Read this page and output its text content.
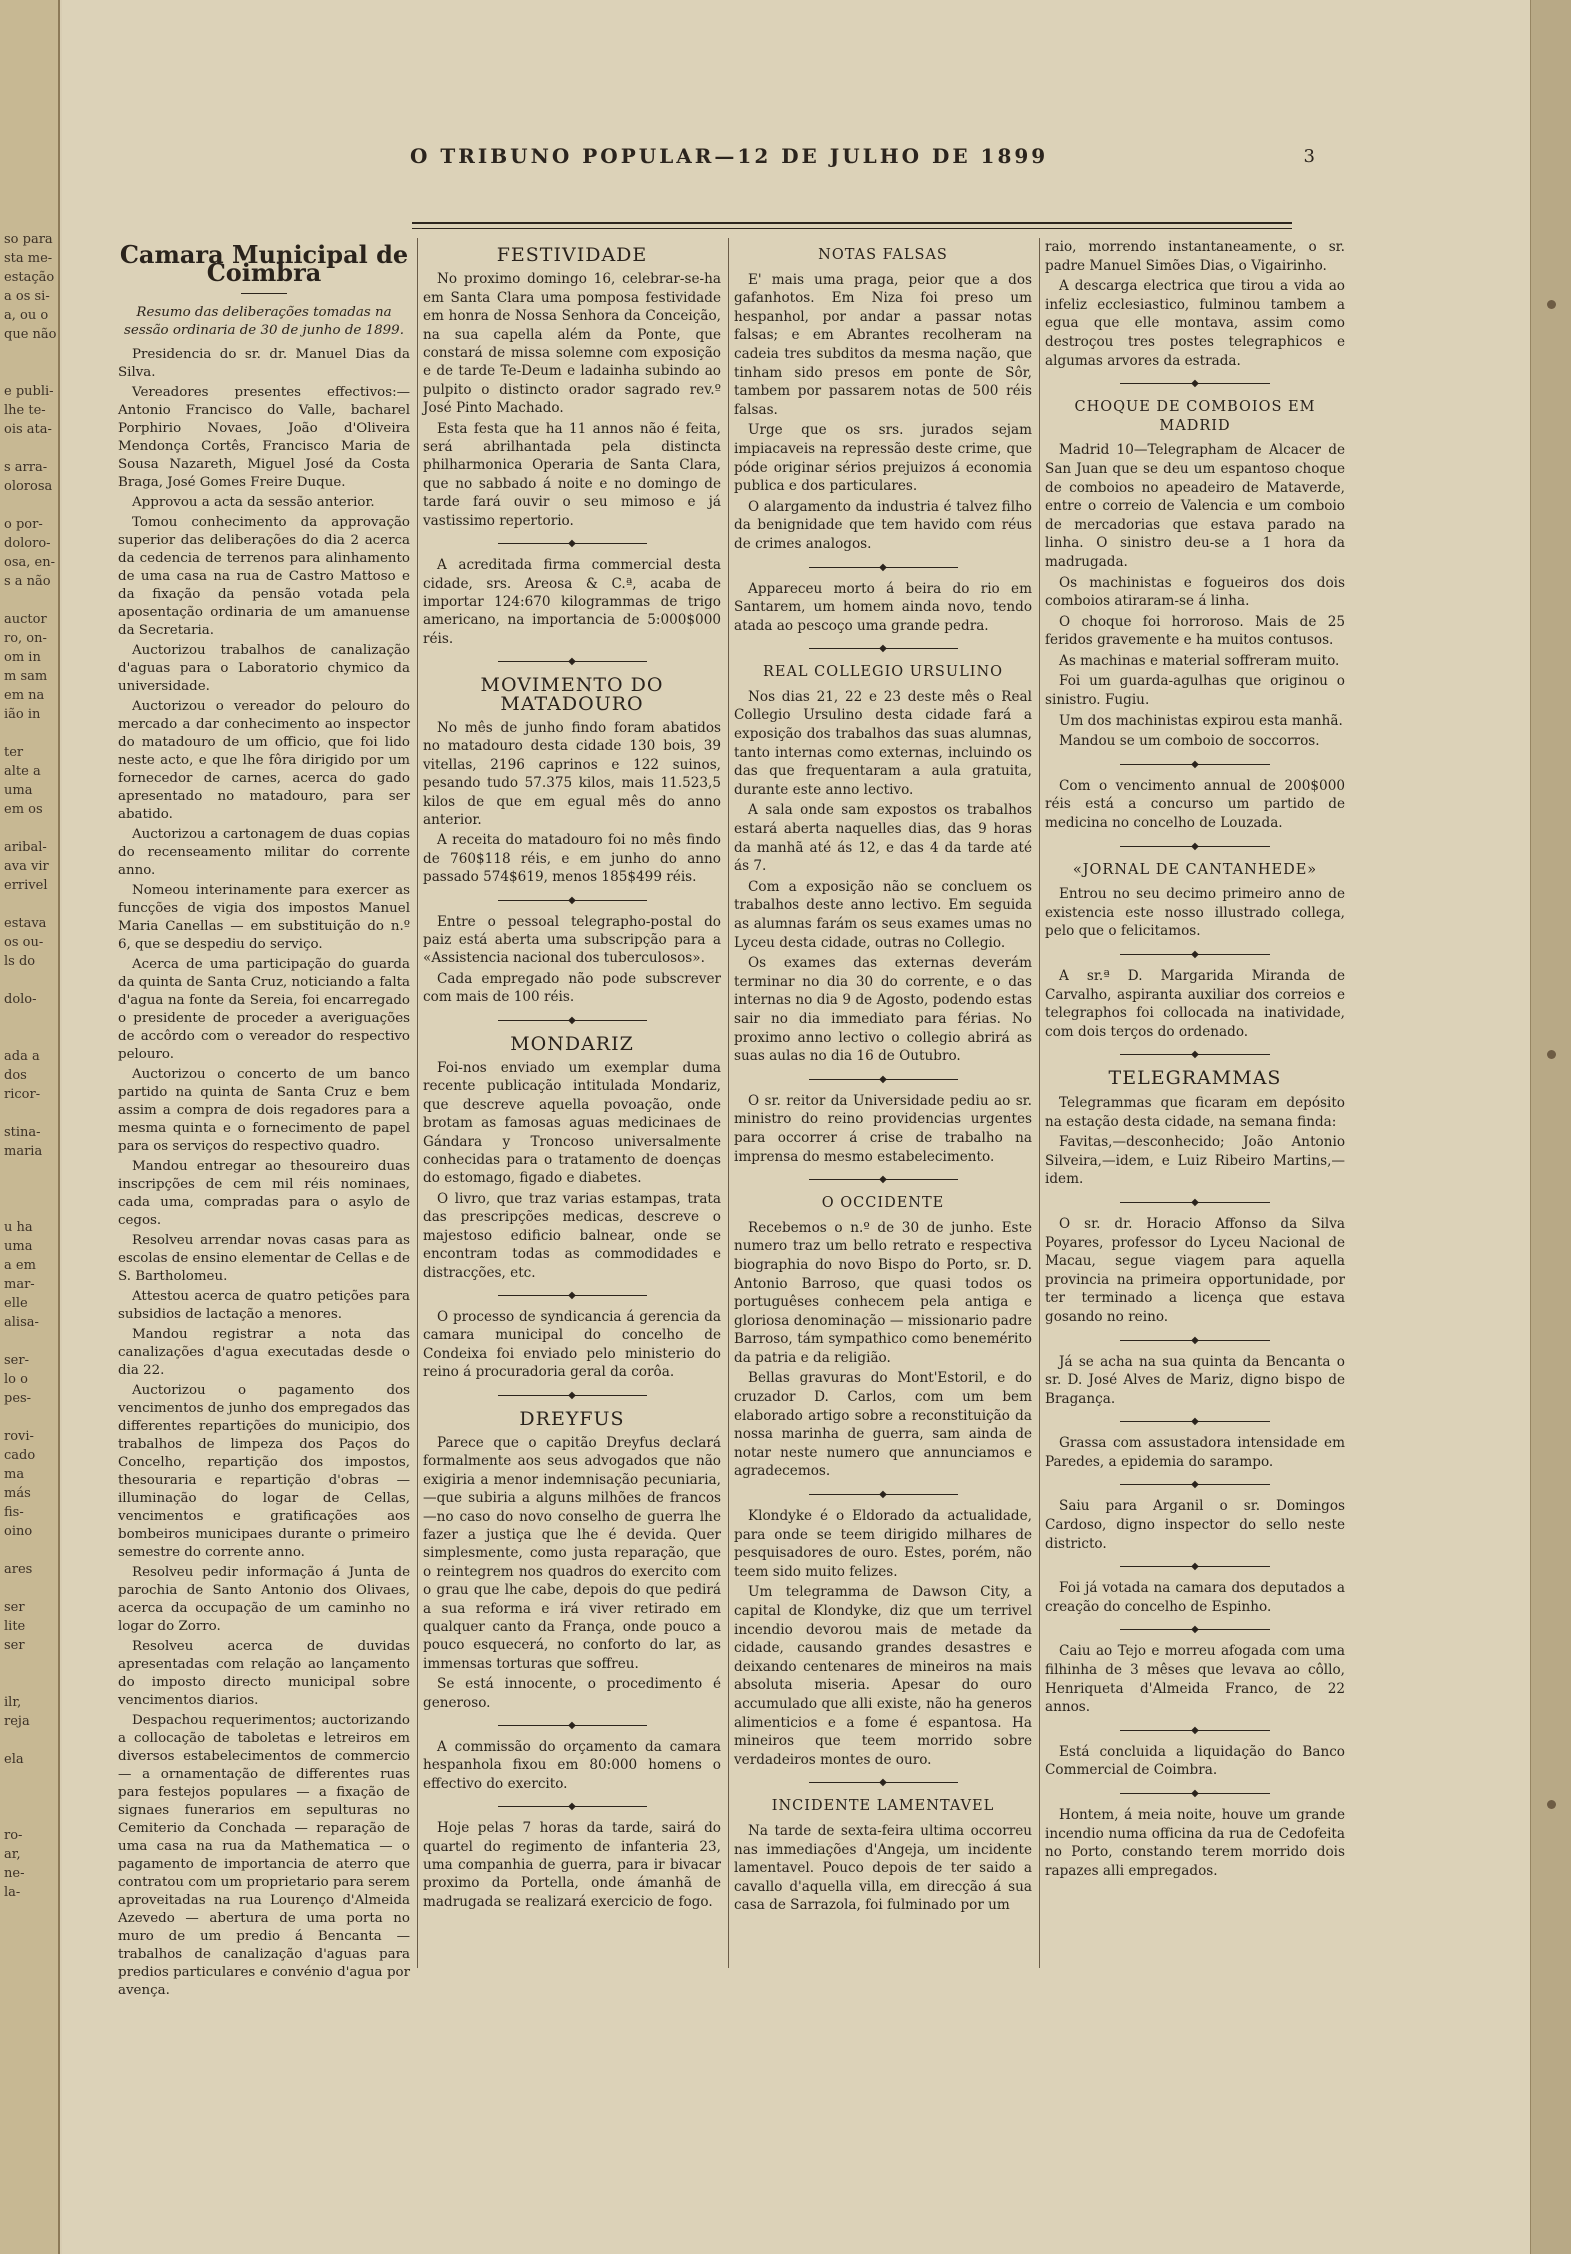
so para
sta me-
estação
a os si-
a, ou o
que não

e publi-
lhe te-
ois ata-

s arra-
olorosa

o por-
doloro-
osa, en-
s a não

auctor
ro, on-
om in
m sam
em na
ião in

ter
alte a
uma
em os

aribal-
ava vir
errivel

estava
os ou-
ls do

dolo-

ada a
dos
ricor-

stina-
maria

u ha
uma
a em
mar-
elle
alisa-

ser-
lo o
pes-

rovi-
cado
ma
más
fis-
oino

ares

ser
lite
ser

ilr,
reja

ela

ro-
ar,
ne-
la-
O TRIBUNO POPULAR—12 DE JULHO DE 1899	3
Camara Municipal de Coimbra

Resumo das deliberações tomadas na sessão ordinaria de 30 de junho de 1899.

Presidencia do sr. dr. Manuel Dias da Silva.

Vereadores presentes effectivos:—Antonio Francisco do Valle, bacharel Porphirio Novaes, João d'Oliveira Mendonça Cortês, Francisco Maria de Sousa Nazareth, Miguel José da Costa Braga, José Gomes Freire Duque.

Approvou a acta da sessão anterior.

Tomou conhecimento da approvação superior das deliberações do dia 2 acerca da cedencia de terrenos para alinhamento de uma casa na rua de Castro Mattoso e da fixação da pensão votada pela aposentação ordinaria de um amanuense da Secretaria.

Auctorizou trabalhos de canalização d'aguas para o Laboratorio chymico da universidade.

Auctorizou o vereador do pelouro do mercado a dar conhecimento ao inspector do matadouro de um officio, que foi lido neste acto, e que lhe fôra dirigido por um fornecedor de carnes, acerca do gado apresentado no matadouro, para ser abatido.

Auctorizou a cartonagem de duas copias do recenseamento militar do corrente anno.

Nomeou interinamente para exercer as funcções de vigia dos impostos Manuel Maria Canellas — em substituição do n.º 6, que se despediu do serviço.

Acerca de uma participação do guarda da quinta de Santa Cruz, noticiando a falta d'agua na fonte da Sereia, foi encarregado o presidente de proceder a averiguações de accôrdo com o vereador do respectivo pelouro.

Auctorizou o concerto de um banco partido na quinta de Santa Cruz e bem assim a compra de dois regadores para a mesma quinta e o fornecimento de papel para os serviços do respectivo quadro.

Mandou entregar ao thesoureiro duas inscripções de cem mil réis nominaes, cada uma, compradas para o asylo de cegos.

Resolveu arrendar novas casas para as escolas de ensino elementar de Cellas e de S. Bartholomeu.

Attestou acerca de quatro petições para subsidios de lactação a menores.

Mandou registrar a nota das canalizações d'agua executadas desde o dia 22.

Auctorizou o pagamento dos vencimentos de junho dos empregados das differentes repartições do municipio, dos trabalhos de limpeza dos Paços do Concelho, repartição dos impostos, thesouraria e repartição d'obras — illuminação do logar de Cellas, vencimentos e gratificações aos bombeiros municipaes durante o primeiro semestre do corrente anno.

Resolveu pedir informação á Junta de parochia de Santo Antonio dos Olivaes, acerca da occupação de um caminho no logar do Zorro.

Resolveu acerca de duvidas apresentadas com relação ao lançamento do imposto directo municipal sobre vencimentos diarios.

Despachou requerimentos; auctorizando a collocação de taboletas e letreiros em diversos estabelecimentos de commercio — a ornamentação de differentes ruas para festejos populares — a fixação de signaes funerarios em sepulturas no Cemiterio da Conchada — reparação de uma casa na rua da Mathematica — o pagamento de importancia de aterro que contratou com um proprietario para serem aproveitadas na rua Lourenço d'Almeida Azevedo — abertura de uma porta no muro de um predio á Bencanta — trabalhos de canalização d'aguas para predios particulares e convénio d'agua por avença.

FESTIVIDADE

No proximo domingo 16, celebrar-se-ha em Santa Clara uma pomposa festividade em honra de Nossa Senhora da Conceição, na sua capella além da Ponte, que constará de missa solemne com exposição e de tarde Te-Deum e ladainha subindo ao pulpito o distincto orador sagrado rev.º José Pinto Machado.

Esta festa que ha 11 annos não é feita, será abrilhantada pela distincta philharmonica Operaria de Santa Clara, que no sabbado á noite e no domingo de tarde fará ouvir o seu mimoso e já vastissimo repertorio.

◆

A acreditada firma commercial desta cidade, srs. Areosa & C.ª, acaba de importar 124:670 kilogrammas de trigo americano, na importancia de 5:000$000 réis.

◆
MOVIMENTO DO MATADOURO

No mês de junho findo foram abatidos no matadouro desta cidade 130 bois, 39 vitellas, 2196 caprinos e 122 suinos, pesando tudo 57.375 kilos, mais 11.523,5 kilos de que em egual mês do anno anterior.

A receita do matadouro foi no mês findo de 760$118 réis, e em junho do anno passado 574$619, menos 185$499 réis.

◆

Entre o pessoal telegrapho-postal do paiz está aberta uma subscripção para a «Assistencia nacional dos tuberculosos».

Cada empregado não pode subscrever com mais de 100 réis.

◆
MONDARIZ

Foi-nos enviado um exemplar duma recente publicação intitulada Mondariz, que descreve aquella povoação, onde brotam as famosas aguas medicinaes de Gándara y Troncoso universalmente conhecidas para o tratamento de doenças do estomago, figado e diabetes.

O livro, que traz varias estampas, trata das prescripções medicas, descreve o majestoso edificio balnear, onde se encontram todas as commodidades e distracções, etc.

◆

O processo de syndicancia á gerencia da camara municipal do concelho de Condeixa foi enviado pelo ministerio do reino á procuradoria geral da corôa.

◆
DREYFUS

Parece que o capitão Dreyfus declará formalmente aos seus advogados que não exigiria a menor indemnisação pecuniaria,—que subiria a alguns milhões de francos—no caso do novo conselho de guerra lhe fazer a justiça que lhe é devida. Quer simplesmente, como justa reparação, que o reintegrem nos quadros do exercito com o grau que lhe cabe, depois do que pedirá a sua reforma e irá viver retirado em qualquer canto da França, onde pouco a pouco esquecerá, no conforto do lar, as immensas torturas que soffreu.

Se está innocente, o procedimento é generoso.

◆

A commissão do orçamento da camara hespanhola fixou em 80:000 homens o effectivo do exercito.

◆

Hoje pelas 7 horas da tarde, sairá do quartel do regimento de infanteria 23, uma companhia de guerra, para ir bivacar proximo da Portella, onde ámanhã de madrugada se realizará exercicio de fogo.

NOTAS FALSAS

E' mais uma praga, peior que a dos gafanhotos. Em Niza foi preso um hespanhol, por andar a passar notas falsas; e em Abrantes recolheram na cadeia tres subditos da mesma nação, que tinham sido presos em ponte de Sôr, tambem por passarem notas de 500 réis falsas.

Urge que os srs. jurados sejam impiacaveis na repressão deste crime, que póde originar sérios prejuizos á economia publica e dos particulares.

O alargamento da industria é talvez filho da benignidade que tem havido com réus de crimes analogos.

◆

Appareceu morto á beira do rio em Santarem, um homem ainda novo, tendo atada ao pescoço uma grande pedra.

◆
REAL COLLEGIO URSULINO

Nos dias 21, 22 e 23 deste mês o Real Collegio Ursulino desta cidade fará a exposição dos trabalhos das suas alumnas, tanto internas como externas, incluindo os das que frequentaram a aula gratuita, durante este anno lectivo.

A sala onde sam expostos os trabalhos estará aberta naquelles dias, das 9 horas da manhã até ás 12, e das 4 da tarde até ás 7.

Com a exposição não se concluem os trabalhos deste anno lectivo. Em seguida as alumnas farám os seus exames umas no Lyceu desta cidade, outras no Collegio.

Os exames das externas deverám terminar no dia 30 do corrente, e o das internas no dia 9 de Agosto, podendo estas sair no dia immediato para férias. No proximo anno lectivo o collegio abrirá as suas aulas no dia 16 de Outubro.

◆

O sr. reitor da Universidade pediu ao sr. ministro do reino providencias urgentes para occorrer á crise de trabalho na imprensa do mesmo estabelecimento.

◆
O OCCIDENTE

Recebemos o n.º de 30 de junho. Este numero traz um bello retrato e respectiva biographia do novo Bispo do Porto, sr. D. Antonio Barroso, que quasi todos os portuguêses conhecem pela antiga e gloriosa denominação — missionario padre Barroso, tám sympathico como benemérito da patria e da religião.

Bellas gravuras do Mont'Estoril, e do cruzador D. Carlos, com um bem elaborado artigo sobre a reconstituição da nossa marinha de guerra, sam ainda de notar neste numero que annunciamos e agradecemos.

◆

Klondyke é o Eldorado da actualidade, para onde se teem dirigido milhares de pesquisadores de ouro. Estes, porém, não teem sido muito felizes.

Um telegramma de Dawson City, a capital de Klondyke, diz que um terrivel incendio devorou mais de metade da cidade, causando grandes desastres e deixando centenares de mineiros na mais absoluta miseria. Apesar do ouro accumulado que alli existe, não ha generos alimenticios e a fome é espantosa. Ha mineiros que teem morrido sobre verdadeiros montes de ouro.

◆
INCIDENTE LAMENTAVEL

Na tarde de sexta-feira ultima occorreu nas immediações d'Angeja, um incidente lamentavel. Pouco depois de ter saido a cavallo d'aquella villa, em direcção á sua casa de Sarrazola, foi fulminado por um

raio, morrendo instantaneamente, o sr. padre Manuel Simões Dias, o Vigairinho.

A descarga electrica que tirou a vida ao infeliz ecclesiastico, fulminou tambem a egua que elle montava, assim como destroçou tres postes telegraphicos e algumas arvores da estrada.

◆
CHOQUE DE COMBOIOS EM MADRID

Madrid 10—Telegrapham de Alcacer de San Juan que se deu um espantoso choque de comboios no apeadeiro de Mataverde, entre o correio de Valencia e um comboio de mercadorias que estava parado na linha. O sinistro deu-se a 1 hora da madrugada.

Os machinistas e fogueiros dos dois comboios atiraram-se á linha.

O choque foi horroroso. Mais de 25 feridos gravemente e ha muitos contusos.

As machinas e material soffreram muito.

Foi um guarda-agulhas que originou o sinistro. Fugiu.

Um dos machinistas expirou esta manhã.

Mandou se um comboio de soccorros.

◆

Com o vencimento annual de 200$000 réis está a concurso um partido de medicina no concelho de Louzada.

◆
«JORNAL DE CANTANHEDE»

Entrou no seu decimo primeiro anno de existencia este nosso illustrado collega, pelo que o felicitamos.

◆

A sr.ª D. Margarida Miranda de Carvalho, aspiranta auxiliar dos correios e telegraphos foi collocada na inatividade, com dois terços do ordenado.

◆
TELEGRAMMAS

Telegrammas que ficaram em depósito na estação desta cidade, na semana finda:

Favitas,—desconhecido; João Antonio Silveira,—idem, e Luiz Ribeiro Martins,—idem.

◆

O sr. dr. Horacio Affonso da Silva Poyares, professor do Lyceu Nacional de Macau, segue viagem para aquella provincia na primeira opportunidade, por ter terminado a licença que estava gosando no reino.

◆

Já se acha na sua quinta da Bencanta o sr. D. José Alves de Mariz, digno bispo de Bragança.

◆

Grassa com assustadora intensidade em Paredes, a epidemia do sarampo.

◆

Saiu para Arganil o sr. Domingos Cardoso, digno inspector do sello neste districto.

◆

Foi já votada na camara dos deputados a creação do concelho de Espinho.

◆

Caiu ao Tejo e morreu afogada com uma filhinha de 3 mêses que levava ao côllo, Henriqueta d'Almeida Franco, de 22 annos.

◆

Está concluida a liquidação do Banco Commercial de Coimbra.

◆

Hontem, á meia noite, houve um grande incendio numa officina da rua de Cedofeita no Porto, constando terem morrido dois rapazes alli empregados.
